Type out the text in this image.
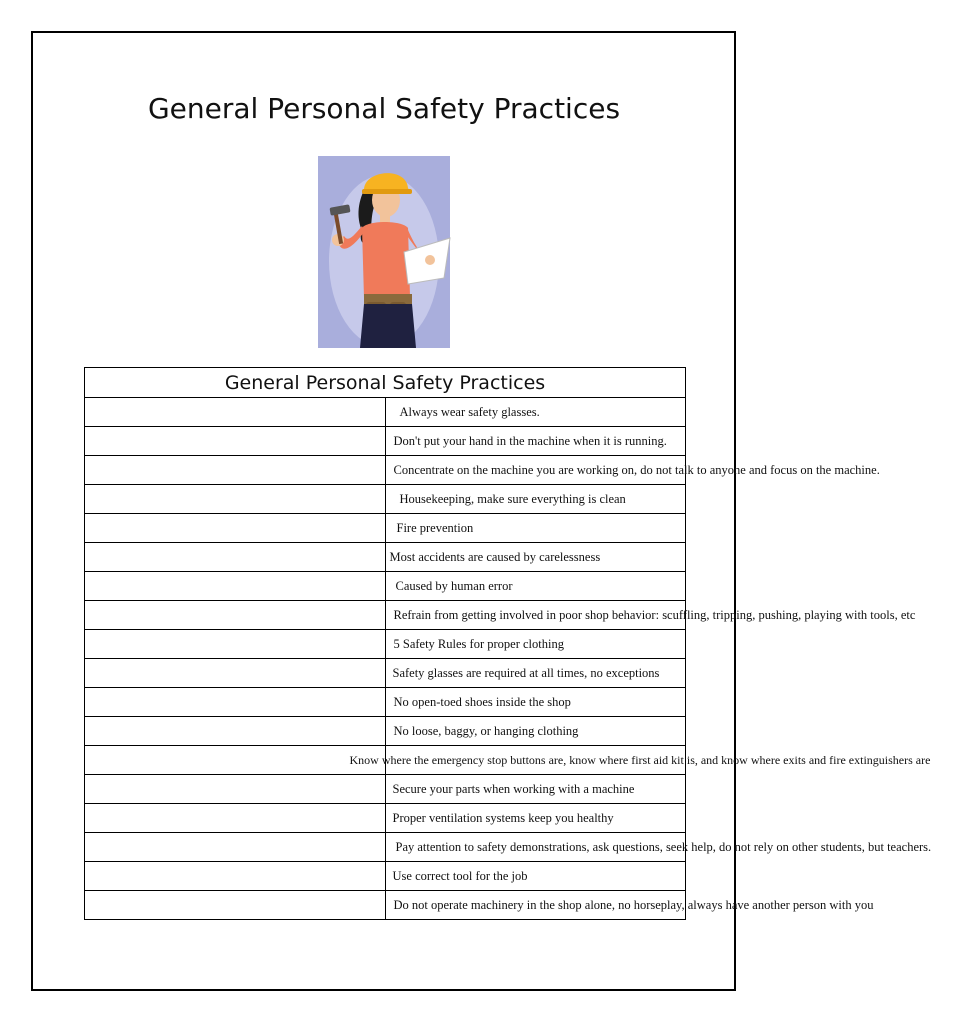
General Personal Safety Practices
General Personal Safety Practices	
	Always wear safety glasses.
	Don't put your hand in the machine when it is running.
	Concentrate on the machine you are working on, do not talk to anyone and focus on the machine.
	Housekeeping, make sure everything is clean
	Fire prevention
	Most accidents are caused by carelessness
	Caused by human error
	Refrain from getting involved in poor shop behavior: scuffling, tripping, pushing, playing with tools, etc
	5 Safety Rules for proper clothing
	Safety glasses are required at all times, no exceptions
	No open-toed shoes inside the shop
	No loose, baggy, or hanging clothing
	Know where the emergency stop buttons are, know where first aid kit is, and know where exits and fire extinguishers are
	Secure your parts when working with a machine
	Proper ventilation systems keep you healthy
	Pay attention to safety demonstrations, ask questions, seek help, do not rely on other students, but teachers.
	Use correct tool for the job
	Do not operate machinery in the shop alone, no horseplay, always have another person with you
